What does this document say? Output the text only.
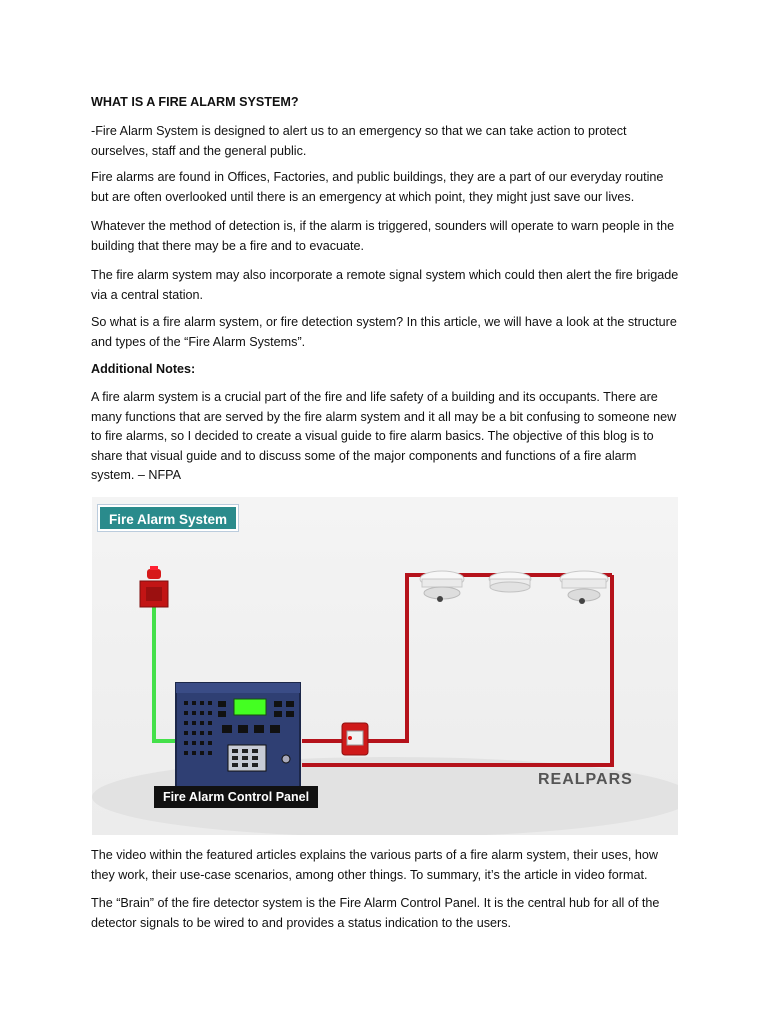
WHAT IS A FIRE ALARM SYSTEM?

-Fire Alarm System is designed to alert us to an emergency so that we can take action to protect ourselves, staff and the general public.

Fire alarms are found in Offices, Factories, and public buildings, they are a part of our everyday routine but are often overlooked until there is an emergency at which point, they might just save our lives.

Whatever the method of detection is, if the alarm is triggered, sounders will operate to warn people in the building that there may be a fire and to evacuate.

The fire alarm system may also incorporate a remote signal system which could then alert the fire brigade via a central station.

So what is a fire alarm system, or fire detection system? In this article, we will have a look at the structure and types of the “Fire Alarm Systems”.

Additional Notes:

A fire alarm system is a crucial part of the fire and life safety of a building and its occupants. There are many functions that are served by the fire alarm system and it all may be a bit confusing to someone new to fire alarms, so I decided to create a visual guide to fire alarm basics. The objective of this blog is to share that visual guide and to discuss some of the major components and functions of a fire alarm system. – NFPA

The video within the featured articles explains the various parts of a fire alarm system, their uses, how they work, their use-case scenarios, among other things. To summary, it’s the article in video format.

The “Brain” of the fire detector system is the Fire Alarm Control Panel. It is the central hub for all of the detector signals to be wired to and provides a status indication to the users.

Fire Alarm System
Fire Alarm Control Panel
REALPARS
